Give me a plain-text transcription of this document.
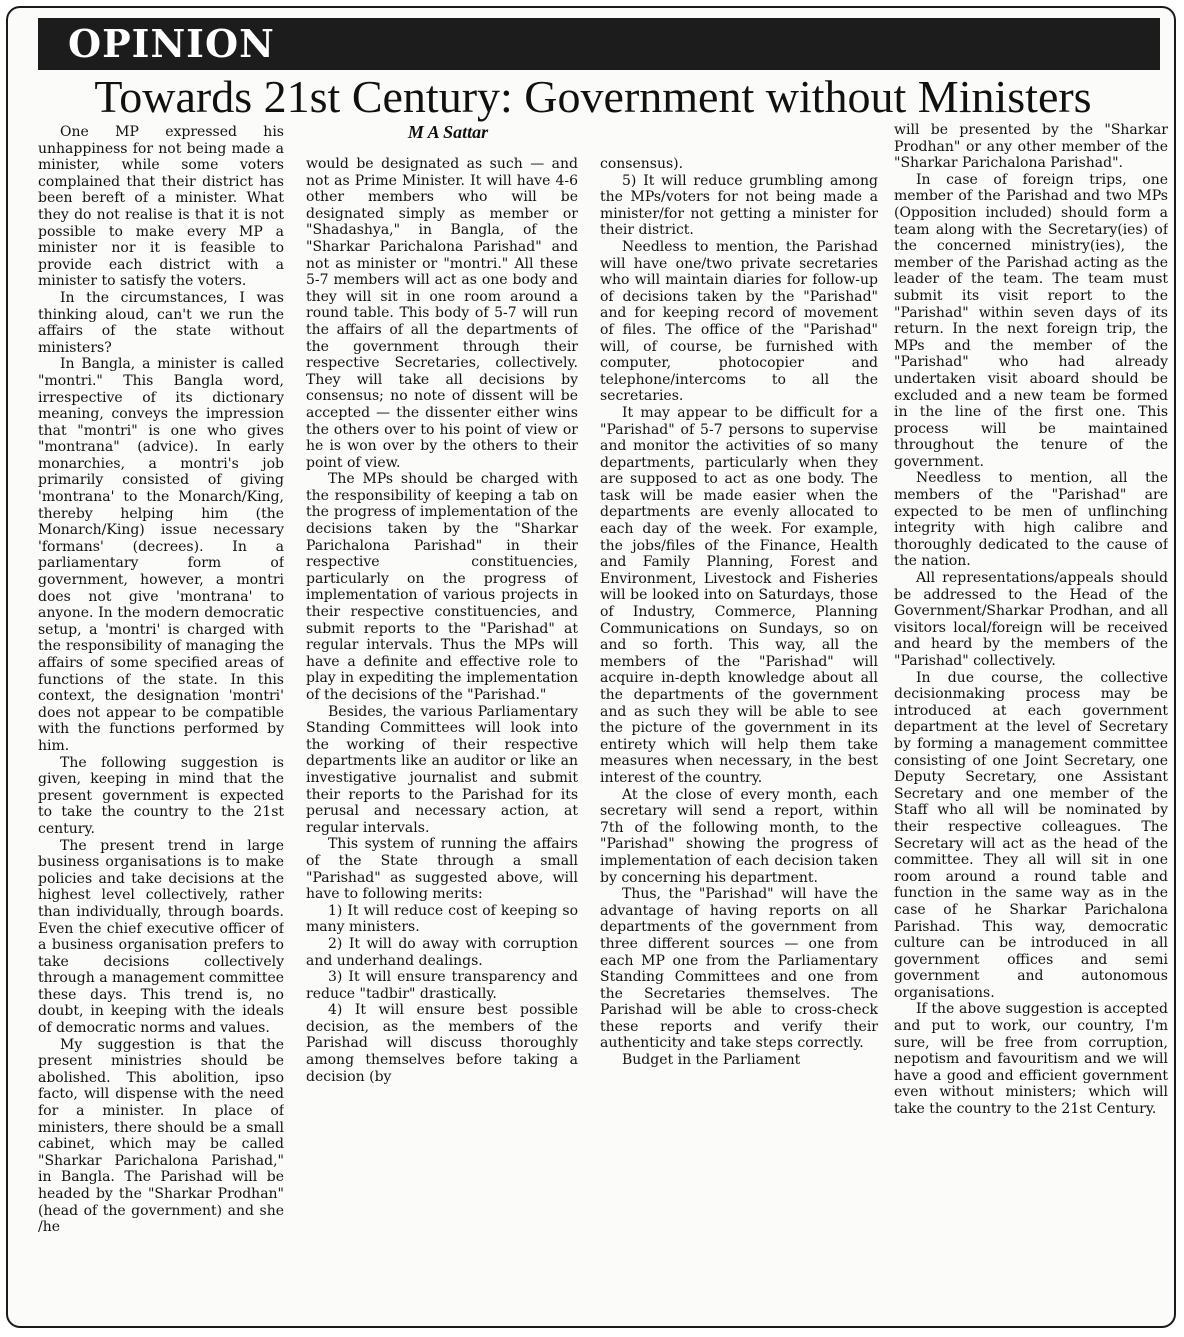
OPINION
Towards 21st Century: Government without Ministers
M A Sattar

One MP expressed his unhappiness for not being made a minister, while some voters complained that their district has been bereft of a minister. What they do not realise is that it is not possible to make every MP a minister nor it is feasible to provide each district with a minister to satisfy the voters.

In the circumstances, I was thinking aloud, can't we run the affairs of the state without ministers?

In Bangla, a minister is called "montri." This Bangla word, irrespective of its dictionary meaning, conveys the impression that "montri" is one who gives "montrana" (advice). In early monarchies, a montri's job primarily consisted of giving 'montrana' to the Monarch/King, thereby helping him (the Monarch/King) issue necessary 'formans' (decrees). In a parliamentary form of government, however, a montri does not give 'montrana' to anyone. In the modern democratic setup, a 'montri' is charged with the responsibility of managing the affairs of some specified areas of functions of the state. In this context, the designation 'montri' does not appear to be compatible with the functions performed by him.

The following suggestion is given, keeping in mind that the present government is expected to take the country to the 21st century.

The present trend in large business organisations is to make policies and take decisions at the highest level collectively, rather than individually, through boards. Even the chief executive officer of a business organisation prefers to take decisions collectively through a management committee these days. This trend is, no doubt, in keeping with the ideals of democratic norms and values.

My suggestion is that the present ministries should be abolished. This abolition, ipso facto, will dispense with the need for a minister. In place of ministers, there should be a small cabinet, which may be called "Sharkar Parichalona Parishad," in Bangla. The Parishad will be headed by the "Sharkar Prodhan" (head of the government) and she /he

would be designated as such — and not as Prime Minister. It will have 4-6 other members who will be designated simply as member or "Shadashya," in Bangla, of the "Sharkar Parichalona Parishad" and not as minister or "montri." All these 5-7 members will act as one body and they will sit in one room around a round table. This body of 5-7 will run the affairs of all the departments of the government through their respective Secretaries, collectively. They will take all decisions by consensus; no note of dissent will be accepted — the dissenter either wins the others over to his point of view or he is won over by the others to their point of view.

The MPs should be charged with the responsibility of keeping a tab on the progress of implementation of the decisions taken by the "Sharkar Parichalona Parishad" in their respective constituencies, particularly on the progress of implementation of various projects in their respective constituencies, and submit reports to the "Parishad" at regular intervals. Thus the MPs will have a definite and effective role to play in expediting the implementation of the decisions of the "Parishad."

Besides, the various Parliamentary Standing Committees will look into the working of their respective departments like an auditor or like an investigative journalist and submit their reports to the Parishad for its perusal and necessary action, at regular intervals.

This system of running the affairs of the State through a small "Parishad" as suggested above, will have to following merits:

1) It will reduce cost of keeping so many ministers.

2) It will do away with corruption and underhand dealings.

3) It will ensure transparency and reduce "tadbir" drastically.

4) It will ensure best possible decision, as the members of the Parishad will discuss thoroughly among themselves before taking a decision (by

consensus).

5) It will reduce grumbling among the MPs/voters for not being made a minister/for not getting a minister for their district.

Needless to mention, the Parishad will have one/two private secretaries who will maintain diaries for follow-up of decisions taken by the "Parishad" and for keeping record of movement of files. The office of the "Parishad" will, of course, be furnished with computer, photocopier and telephone/intercoms to all the secretaries.

It may appear to be difficult for a "Parishad" of 5-7 persons to supervise and monitor the activities of so many departments, particularly when they are supposed to act as one body. The task will be made easier when the departments are evenly allocated to each day of the week. For example, the jobs/files of the Finance, Health and Family Planning, Forest and Environment, Livestock and Fisheries will be looked into on Saturdays, those of Industry, Commerce, Planning Communications on Sundays, so on and so forth. This way, all the members of the "Parishad" will acquire in-depth knowledge about all the departments of the government and as such they will be able to see the picture of the government in its entirety which will help them take measures when necessary, in the best interest of the country.

At the close of every month, each secretary will send a report, within 7th of the following month, to the "Parishad" showing the progress of implementation of each decision taken by concerning his department.

Thus, the "Parishad" will have the advantage of having reports on all departments of the government from three different sources — one from each MP one from the Parliamentary Standing Committees and one from the Secretaries themselves. The Parishad will be able to cross-check these reports and verify their authenticity and take steps correctly.

Budget in the Parliament

will be presented by the "Sharkar Prodhan" or any other member of the "Sharkar Parichalona Parishad".

In case of foreign trips, one member of the Parishad and two MPs (Opposition included) should form a team along with the Secretary(ies) of the concerned ministry(ies), the member of the Parishad acting as the leader of the team. The team must submit its visit report to the "Parishad" within seven days of its return. In the next foreign trip, the MPs and the member of the "Parishad" who had already undertaken visit aboard should be excluded and a new team be formed in the line of the first one. This process will be maintained throughout the tenure of the government.

Needless to mention, all the members of the "Parishad" are expected to be men of unflinching integrity with high calibre and thoroughly dedicated to the cause of the nation.

All representations/appeals should be addressed to the Head of the Government/Sharkar Prodhan, and all visitors local/foreign will be received and heard by the members of the "Parishad" collectively.

In due course, the collective decisionmaking process may be introduced at each government department at the level of Secretary by forming a management committee consisting of one Joint Secretary, one Deputy Secretary, one Assistant Secretary and one member of the Staff who all will be nominated by their respective colleagues. The Secretary will act as the head of the committee. They all will sit in one room around a round table and function in the same way as in the case of he Sharkar Parichalona Parishad. This way, democratic culture can be introduced in all government offices and semi government and autonomous organisations.

If the above suggestion is accepted and put to work, our country, I'm sure, will be free from corruption, nepotism and favouritism and we will have a good and efficient government even without ministers; which will take the country to the 21st Century.
